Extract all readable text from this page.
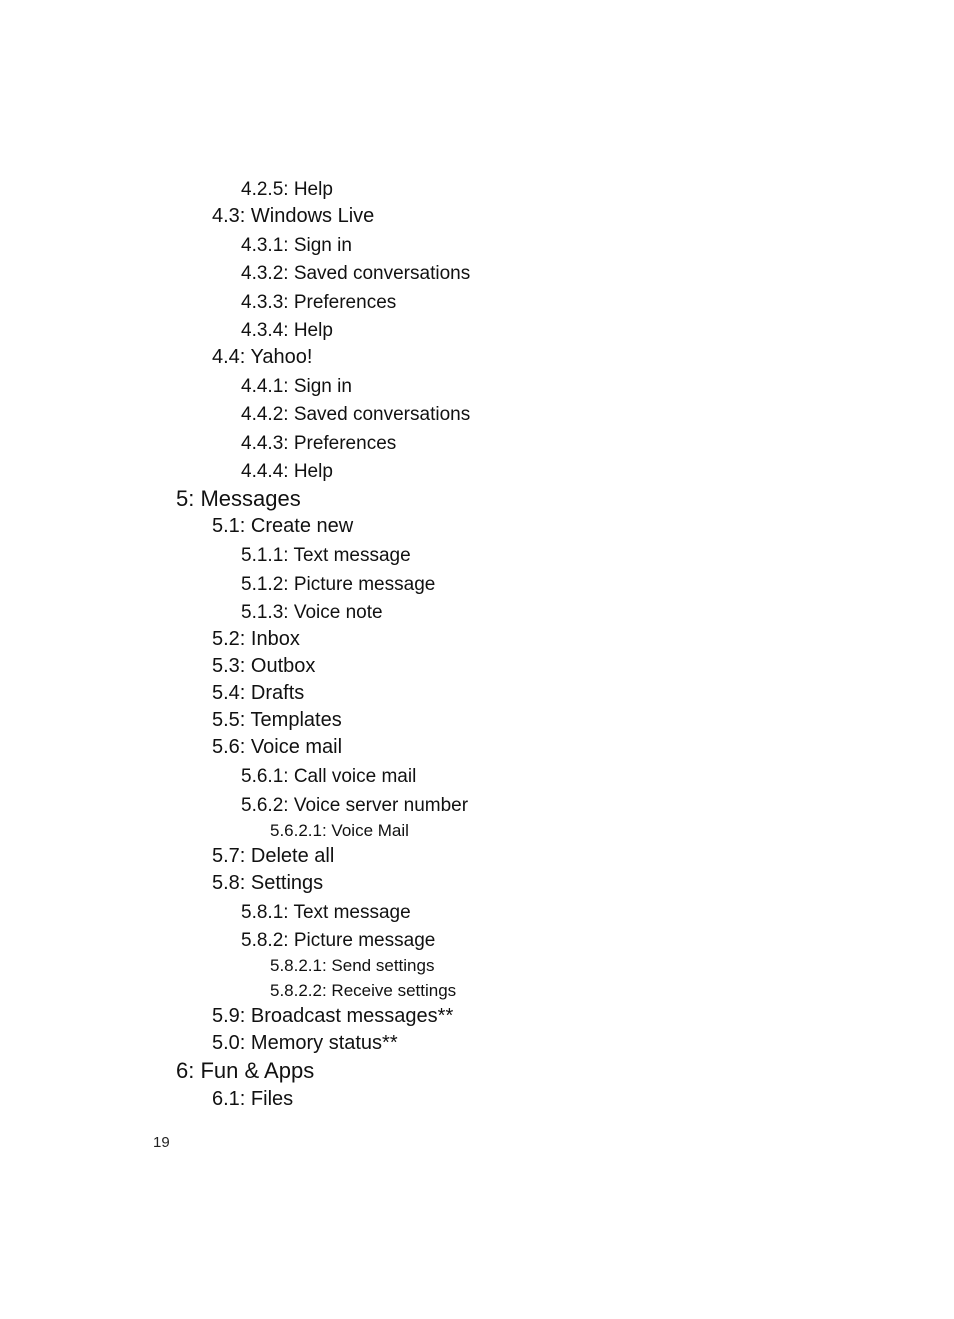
4.2.5: Help
4.3: Windows Live
4.3.1: Sign in
4.3.2: Saved conversations
4.3.3: Preferences
4.3.4: Help
4.4: Yahoo!
4.4.1: Sign in
4.4.2: Saved conversations
4.4.3: Preferences
4.4.4: Help
5: Messages
5.1: Create new
5.1.1: Text message
5.1.2: Picture message
5.1.3: Voice note
5.2: Inbox
5.3: Outbox
5.4: Drafts
5.5: Templates
5.6: Voice mail
5.6.1: Call voice mail
5.6.2: Voice server number
5.6.2.1: Voice Mail
5.7: Delete all
5.8: Settings
5.8.1: Text message
5.8.2: Picture message
5.8.2.1: Send settings
5.8.2.2: Receive settings
5.9: Broadcast messages**
5.0: Memory status**
6: Fun & Apps
6.1: Files
19
